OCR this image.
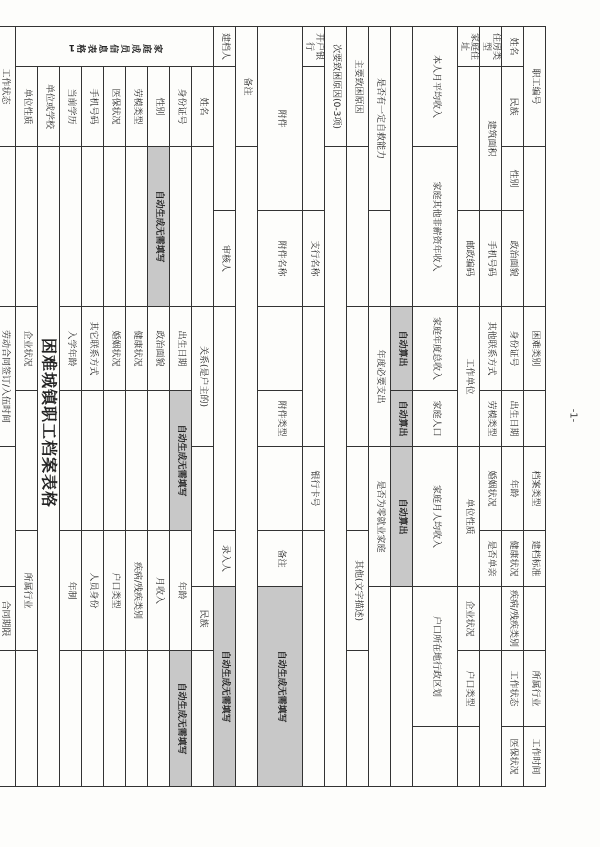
-1-
困难城镇职工档案表格
职工编号				困难类别		档案类型	建档标准		所属行业	工作时间
姓名	民族	性别	政治面貌	身份证号	出生日期	年龄	健康状况	疾病/残疾类别	工作状态	医保状况
住房类型	建筑面积		手机号码	其他联系方式	劳模类型	婚姻状况	是否单亲			
家庭住址			邮政编码	工作单位		单位性质		企业状况	户口类型	
本人月平均收入		家庭其他非薪资年收入		家庭年度总收入	家庭人口	家庭月人均收入		户口所在地行政区划		
				自动算出	自动算出	自动算出				
是否有一定自救能力				年度必要支出		是否为零就业家庭				
主要致困原因							其他(文字描述)			
次要致困原因(0-3项)										
开户银行			支行名称			银行卡号				
附件			附件名称		附件类型		备注	自动生成无需填写		
备注										
建档人			审核人				录入人	自动生成无需填写		
家庭成员信息表格1	姓名			关系(是户主的)				民族		
	身份证号			出生日期	自动生成无需填写		年龄		自动生成无需填写	
	性别	自动生成无需填写		政治面貌			月收入			
	劳模类型			健康状况			疾病/残疾类别			
	医保状况			婚姻状况			户口类型			
	手机号码			其它联系方式			人员身份			
	当前学历			入学年龄			年制			
	单位或学校									
	单位性质			企业状况			所属行业			
工作状态				劳动合同签订/入伍时间				合同期限		
